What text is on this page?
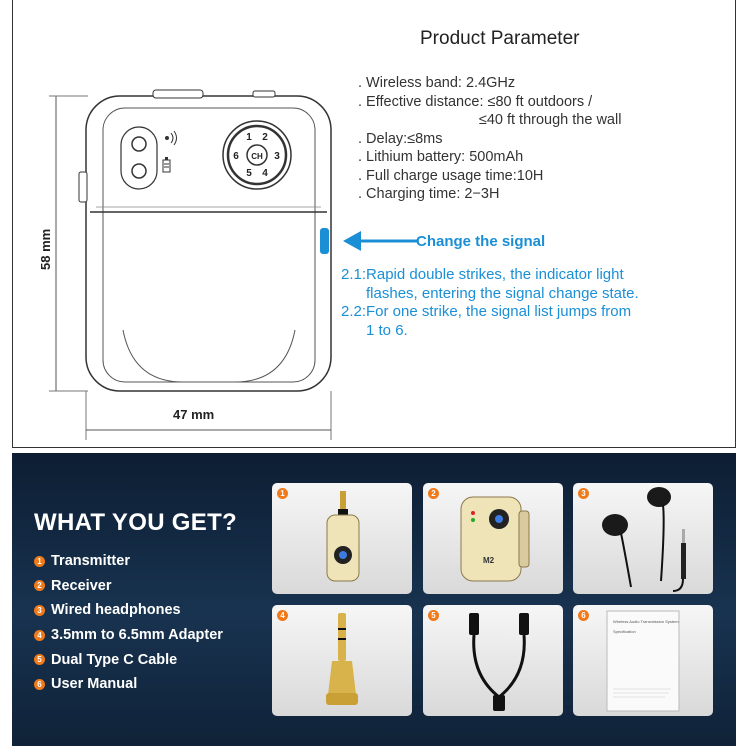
CH
1 2
3
4
5
6
58 mm
47 mm
Product Parameter
. Wireless band: 2.4GHz
. Effective distance: ≤80 ft outdoors /
≤40 ft through the wall
. Delay:≤8ms
. Lithium battery: 500mAh
. Full charge usage time:10H
. Charging time: 2−3H
Change the signal
2.1:Rapid double strikes, the indicator light
flashes, entering the signal change state.
2.2:For one strike, the signal list jumps from
1 to 6.
WHAT YOU GET?
1 Transmitter
2 Receiver
3 Wired headphones
4 3.5mm to 6.5mm Adapter
5 Dual Type C Cable
6 User Manual
1	2
M2
3
4	5	6
Wireless Audio Transmission System
Specification
